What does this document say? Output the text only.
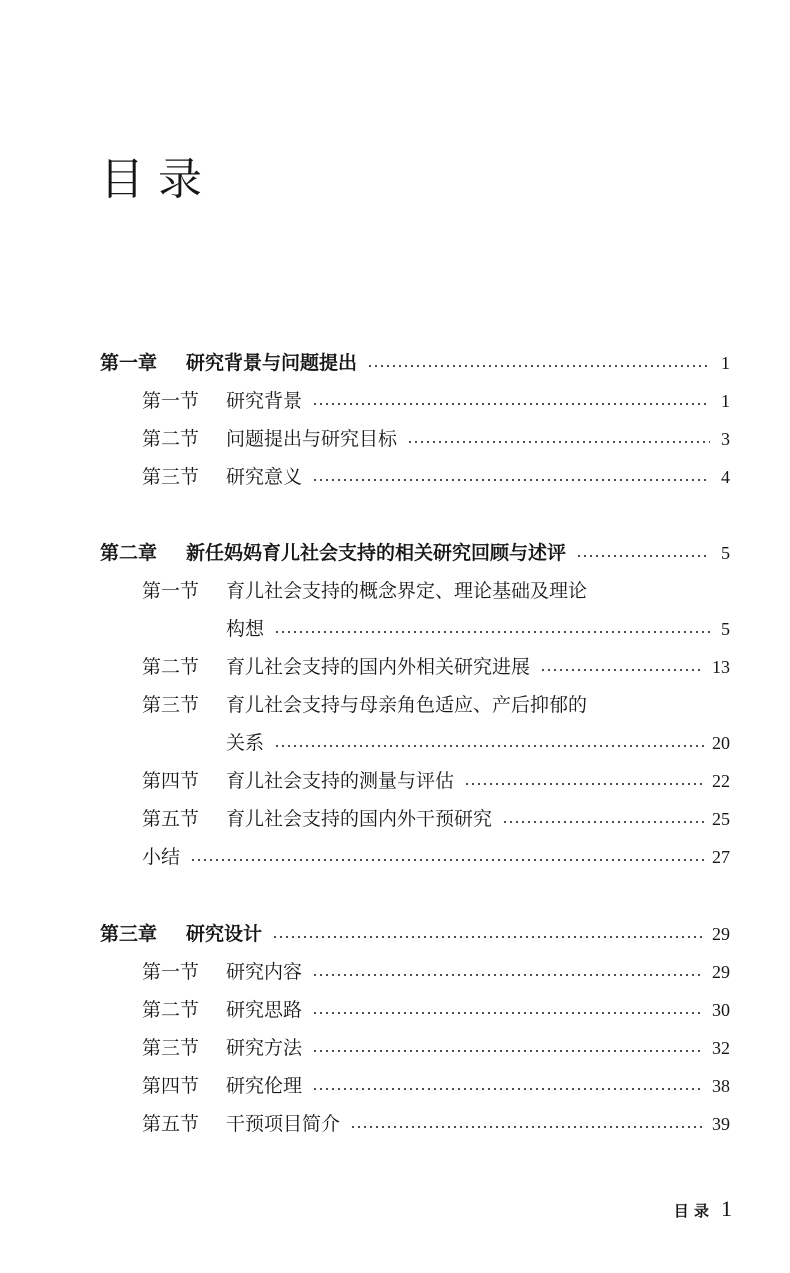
目 录
第一章	研究背景与问题提出	1
第一节	研究背景	1
第二节	问题提出与研究目标	3
第三节	研究意义	4
第二章	新任妈妈育儿社会支持的相关研究回顾与述评	5
第一节	育儿社会支持的概念界定、理论基础及理论
构想	5
第二节	育儿社会支持的国内外相关研究进展	13
第三节	育儿社会支持与母亲角色适应、产后抑郁的
关系	20
第四节	育儿社会支持的测量与评估	22
第五节	育儿社会支持的国内外干预研究	25
小结	27
第三章	研究设计	29
第一节	研究内容	29
第二节	研究思路	30
第三节	研究方法	32
第四节	研究伦理	38
第五节	干预项目简介	39
目 录 1
